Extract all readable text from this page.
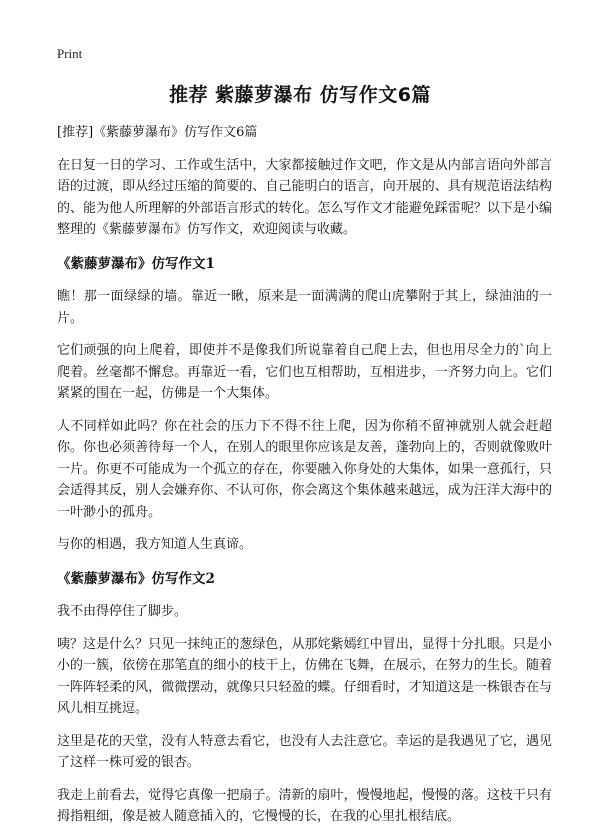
Print
推荐 紫藤萝瀑布 仿写作文6篇

[推荐]《紫藤萝瀑布》仿写作文6篇

在日复一日的学习、工作或生活中，大家都接触过作文吧，作文是从内部言语向外部言语的过渡，即从经过压缩的简要的、自己能明白的语言，向开展的、具有规范语法结构的、能为他人所理解的外部语言形式的转化。怎么写作文才能避免踩雷呢？以下是小编整理的《紫藤萝瀑布》仿写作文，欢迎阅读与收藏。

《紫藤萝瀑布》仿写作文1

瞧！那一面绿绿的墙。靠近一瞅，原来是一面满满的爬山虎攀附于其上，绿油油的一片。

它们顽强的向上爬着，即使并不是像我们所说靠着自己爬上去，但也用尽全力的`向上爬着。丝毫都不懈怠。再靠近一看，它们也互相帮助，互相进步，一齐努力向上。它们紧紧的围在一起，仿佛是一个大集体。

人不同样如此吗？你在社会的压力下不得不往上爬，因为你稍不留神就别人就会赶超你。你也必须善待每一个人，在别人的眼里你应该是友善，蓬勃向上的，否则就像败叶一片。你更不可能成为一个孤立的存在，你要融入你身处的大集体，如果一意孤行，只会适得其反，别人会嫌弃你、不认可你，你会离这个集体越来越远，成为汪洋大海中的一叶渺小的孤舟。

与你的相遇，我方知道人生真谛。

《紫藤萝瀑布》仿写作文2

我不由得停住了脚步。

咦？这是什么？只见一抹纯正的葱绿色，从那姹紫嫣红中冒出，显得十分扎眼。只是小小的一簇，依傍在那笔直的细小的枝干上，仿佛在飞舞，在展示，在努力的生长。随着一阵阵轻柔的风，微微摆动，就像只只轻盈的蝶。仔细看时，才知道这是一株银杏在与风儿相互挑逗。

这里是花的天堂，没有人特意去看它，也没有人去注意它。幸运的是我遇见了它，遇见了这样一株可爱的银杏。

我走上前看去，觉得它真像一把扇子。清新的扇叶，慢慢地起，慢慢的落。这枝干只有拇指粗细，像是被人随意插入的，它慢慢的长，在我的心里扎根结底。
